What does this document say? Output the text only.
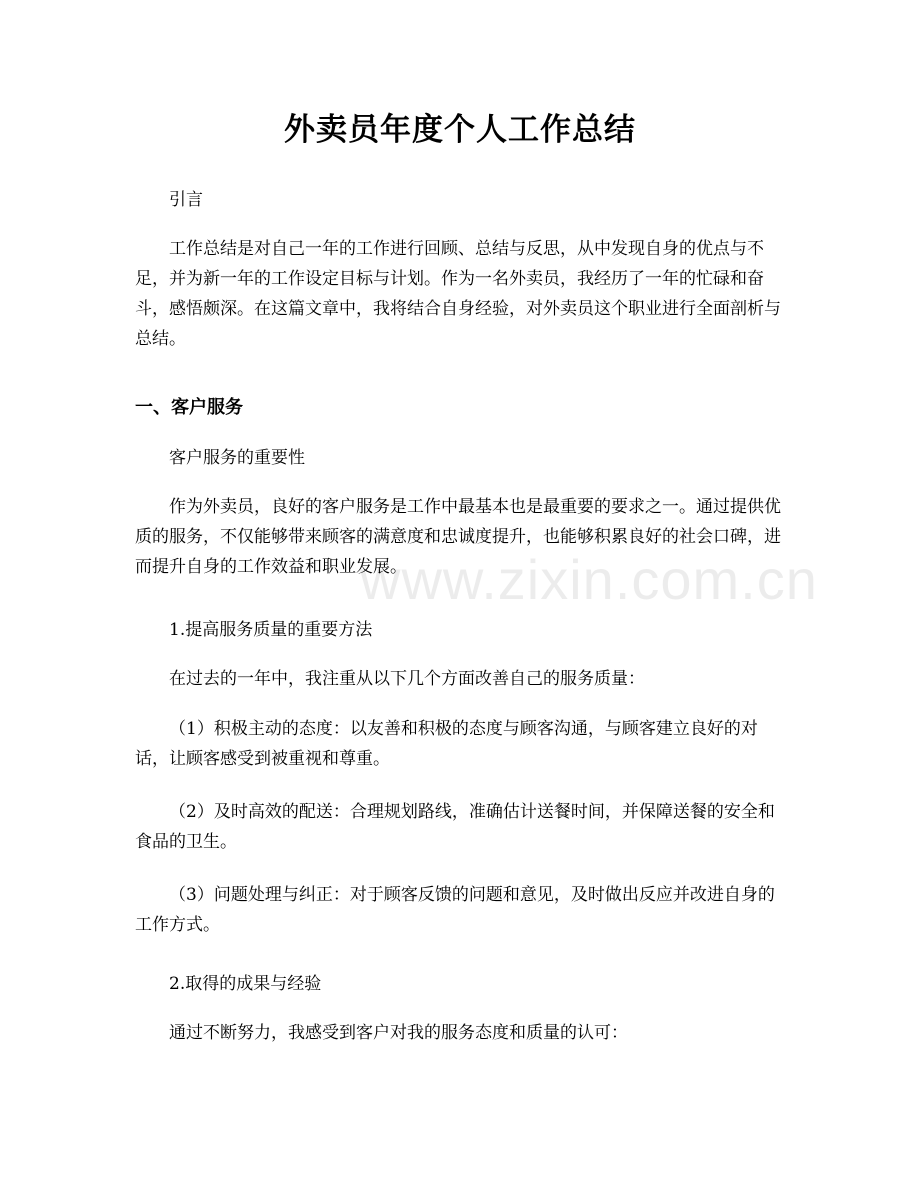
www.zixin.com.cn
外卖员年度个人工作总结

引言

工作总结是对自己一年的工作进行回顾、总结与反思，从中发现自身的优点与不足，并为新一年的工作设定目标与计划。作为一名外卖员，我经历了一年的忙碌和奋斗，感悟颇深。在这篇文章中，我将结合自身经验，对外卖员这个职业进行全面剖析与总结。

一、客户服务

客户服务的重要性

作为外卖员，良好的客户服务是工作中最基本也是最重要的要求之一。通过提供优质的服务，不仅能够带来顾客的满意度和忠诚度提升，也能够积累良好的社会口碑，进而提升自身的工作效益和职业发展。

1.提高服务质量的重要方法

在过去的一年中，我注重从以下几个方面改善自己的服务质量：

（1）积极主动的态度：以友善和积极的态度与顾客沟通，与顾客建立良好的对话，让顾客感受到被重视和尊重。

（2）及时高效的配送：合理规划路线，准确估计送餐时间，并保障送餐的安全和食品的卫生。

（3）问题处理与纠正：对于顾客反馈的问题和意见，及时做出反应并改进自身的工作方式。

2.取得的成果与经验

通过不断努力，我感受到客户对我的服务态度和质量的认可：
